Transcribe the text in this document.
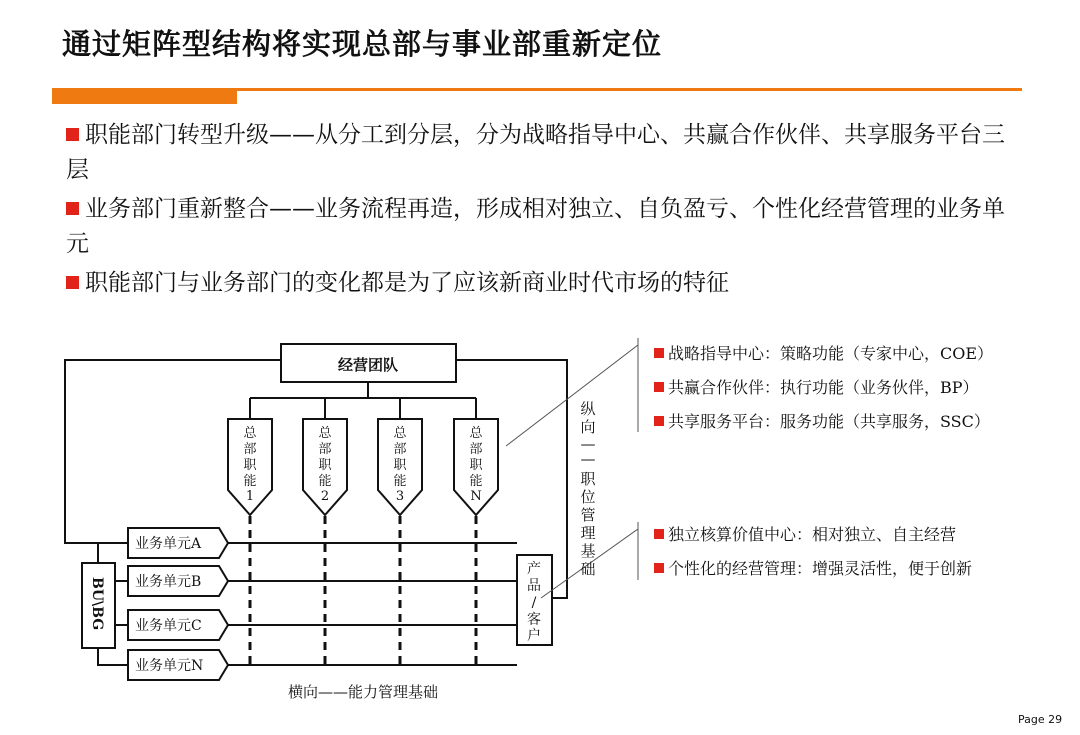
通过矩阵型结构将实现总部与事业部重新定位
职能部门转型升级——从分工到分层，分为战略指导中心、共赢合作伙伴、共享服务平台三层
业务部门重新整合——业务流程再造，形成相对独立、自负盈亏、个性化经营管理的业务单元
职能部门与业务部门的变化都是为了应该新商业时代市场的特征
经营团队
总
部
职
能
1
总
部
职
能
2
总
部
职
能
3
总
部
职
能
N
业务单元A
业务单元B
业务单元C
业务单元N
BU\BG
产
品
/
客
户
纵
向
—
—
职
位
管
理
基
础
横向——能力管理基础
战略指导中心：策略功能（专家中心，COE）
共赢合作伙伴：执行功能（业务伙伴，BP）
共享服务平台：服务功能（共享服务，SSC）
独立核算价值中心：相对独立、自主经营
个性化的经营管理：增强灵活性，便于创新
Page 29
